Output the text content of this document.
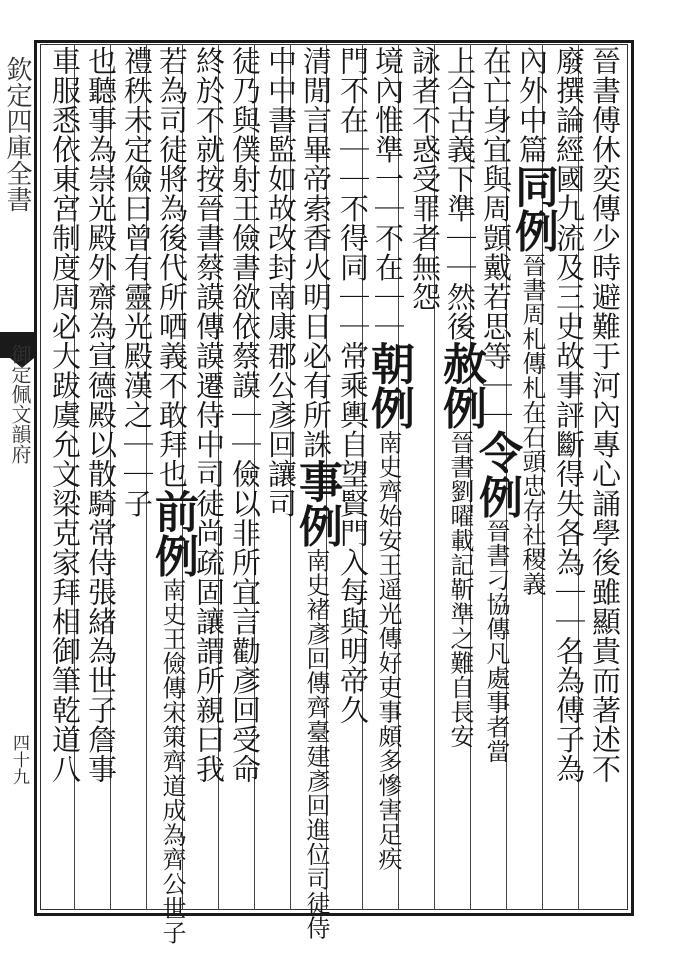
欽定四庫全書
御定佩文韻府
四十九	晉書傅休奕傳少時避難于河內專心誦學後雖顯貴而著述不
廢撰論經國九流及三史故事評斷得失各為｜｜名為傅子為
內外中篇同例晉書周札傳札在石頭忠存社稷義
在亡身宜與周顗戴若思等｜｜令例晉書刁協傳凡處事者當
上合古義下準｜｜然後赦例晉書劉曜載記靳準之難自長安
詠者不惑受罪者無怨
境內惟準一｜不在｜｜朝例南史齊始安王遥光傳好吏事頗多慘害足疾
門不在｜｜不得同｜｜常乘輿自望賢門入每與明帝久
清閒言畢帝索香火明日必有所誅事例南史褚彥回傳齊臺建彥回進位司徒侍
中中書監如故改封南康郡公彥回讓司
徒乃與僕射王儉書欲依蔡謨｜｜儉以非所宜言勸彥回受命
終於不就按晉書蔡謨傳謨遷侍中司徒尚疏固讓謂所親曰我
若為司徒將為後代所哂義不敢拜也前例南史王儉傳宋策齊道成為齊公世子
禮秩未定儉曰曾有靈光殿漢之｜｜子
也聽事為崇光殿外齋為宣德殿以散騎常侍張緒為世子詹事
車服悉依東宮制度周必大跋虞允文梁克家拜相御筆乾道八
